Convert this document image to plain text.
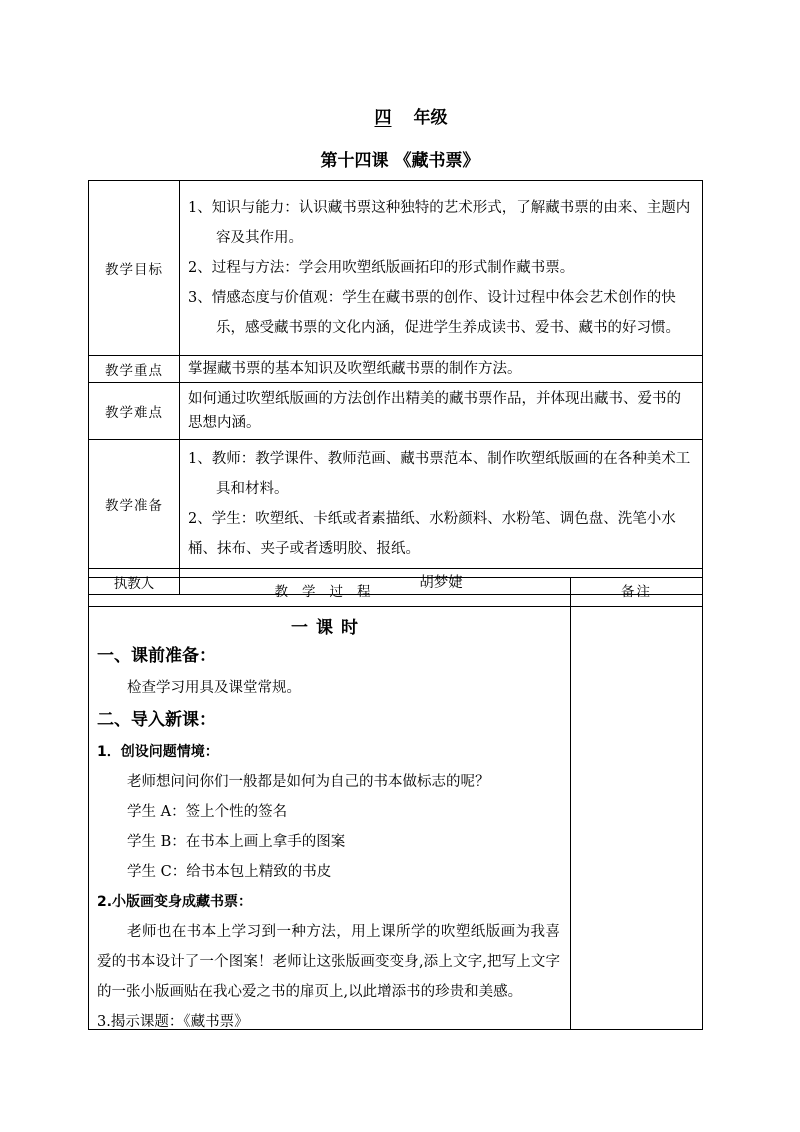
四 年级
第十四课 《藏书票》
教学目标	1、知识与能力：认识藏书票这种独特的艺术形式，了解藏书票的由来、主题内容及其作用。
2、过程与方法：学会用吹塑纸版画拓印的形式制作藏书票。
3、情感态度与价值观：学生在藏书票的创作、设计过程中体会艺术创作的快乐，感受藏书票的文化内涵，促进学生养成读书、爱书、藏书的好习惯。

教学重点	掌握藏书票的基本知识及吹塑纸藏书票的制作方法。
教学难点	如何通过吹塑纸版画的方法创作出精美的藏书票作品，并体现出藏书、爱书的思想内涵。
教学准备	1、教师：教学课件、教师范画、藏书票范本、制作吹塑纸版画的在各种美术工具和材料。
2、学生：吹塑纸、卡纸或者素描纸、水粉颜料、水粉笔、调色盘、洗笔小水桶、抹布、夹子或者透明胶、报纸。

执教人	胡梦婕
教学过程	备注
一课时
一、课前准备：
检查学习用具及课堂常规。
二、导入新课：
1．创设问题情境：
老师想问问你们一般都是如何为自己的书本做标志的呢？
学生 A：签上个性的签名
学生 B：在书本上画上拿手的图案
学生 C：给书本包上精致的书皮
2.小版画变身成藏书票：
老师也在书本上学习到一种方法，用上课所学的吹塑纸版画为我喜爱的书本设计了一个图案！老师让这张版画变变身,添上文字,把写上文字的一张小版画贴在我心爱之书的扉页上,以此增添书的珍贵和美感。
3.揭示课题：《藏书票》
